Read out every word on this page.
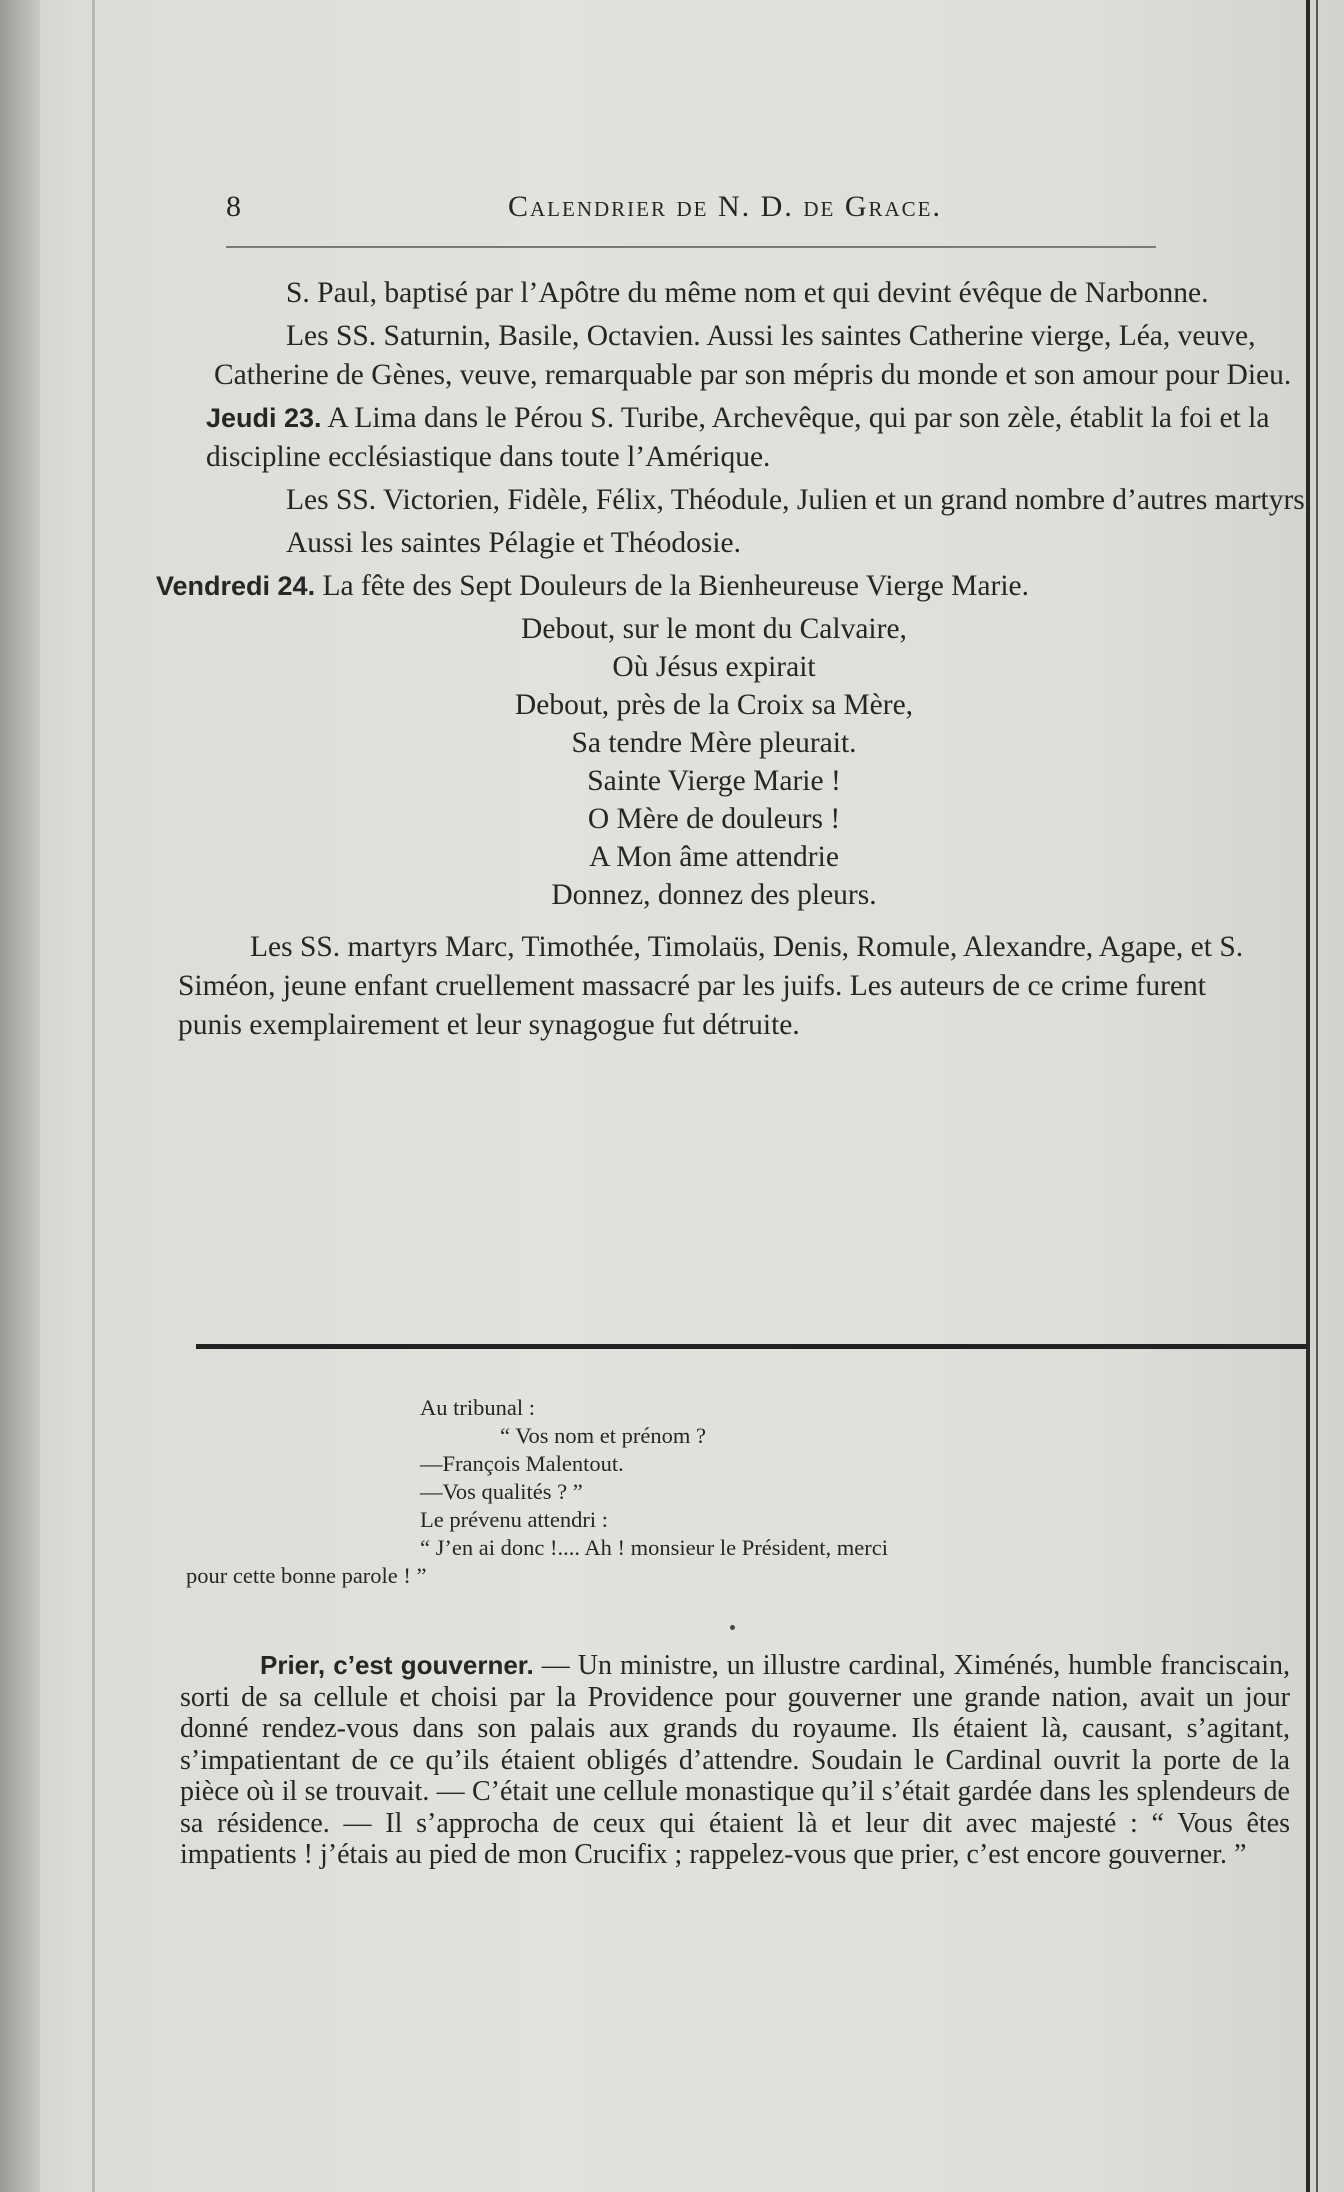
8	Calendrier de N. D. de Grace.

S. Paul, baptisé par l’Apôtre du même nom et qui devint évêque de Narbonne.

Les SS. Saturnin, Basile, Octavien. Aussi les saintes Catherine vierge, Léa, veuve, Catherine de Gènes, veuve, remarquable par son mépris du monde et son amour pour Dieu.

Jeudi 23. A Lima dans le Pérou S. Turibe, Archevêque, qui par son zèle, établit la foi et la discipline ecclésiastique dans toute l’Amérique.

Les SS. Victorien, Fidèle, Félix, Théodule, Julien et un grand nombre d’autres martyrs.

Aussi les saintes Pélagie et Théodosie.

Vendredi 24. La fête des Sept Douleurs de la Bienheureuse Vierge Marie.

Debout, sur le mont du Calvaire,
Où Jésus expirait
Debout, près de la Croix sa Mère,
Sa tendre Mère pleurait.
Sainte Vierge Marie !
O Mère de douleurs !
A Mon âme attendrie
Donnez, donnez des pleurs.

Les SS. martyrs Marc, Timothée, Timolaüs, Denis, Romule, Alexandre, Agape, et S. Siméon, jeune enfant cruellement massacré par les juifs. Les auteurs de ce crime furent punis exemplairement et leur synagogue fut détruite.

Au tribunal :
“ Vos nom et prénom ?
—François Malentout.
—Vos qualités ? ”
Le prévenu attendri :
“ J’en ai donc !.... Ah ! monsieur le Président, merci
pour cette bonne parole ! ”

Prier, c’est gouverner. — Un ministre, un illustre cardinal, Ximénés, humble franciscain, sorti de sa cellule et choisi par la Providence pour gouverner une grande nation, avait un jour donné rendez-vous dans son palais aux grands du royaume. Ils étaient là, causant, s’agitant, s’impatientant de ce qu’ils étaient obligés d’attendre. Soudain le Cardinal ouvrit la porte de la pièce où il se trouvait. — C’était une cellule monastique qu’il s’était gardée dans les splendeurs de sa résidence. — Il s’approcha de ceux qui étaient là et leur dit avec majesté : “ Vous êtes impatients ! j’étais au pied de mon Crucifix ; rappelez-vous que prier, c’est encore gouverner. ”
